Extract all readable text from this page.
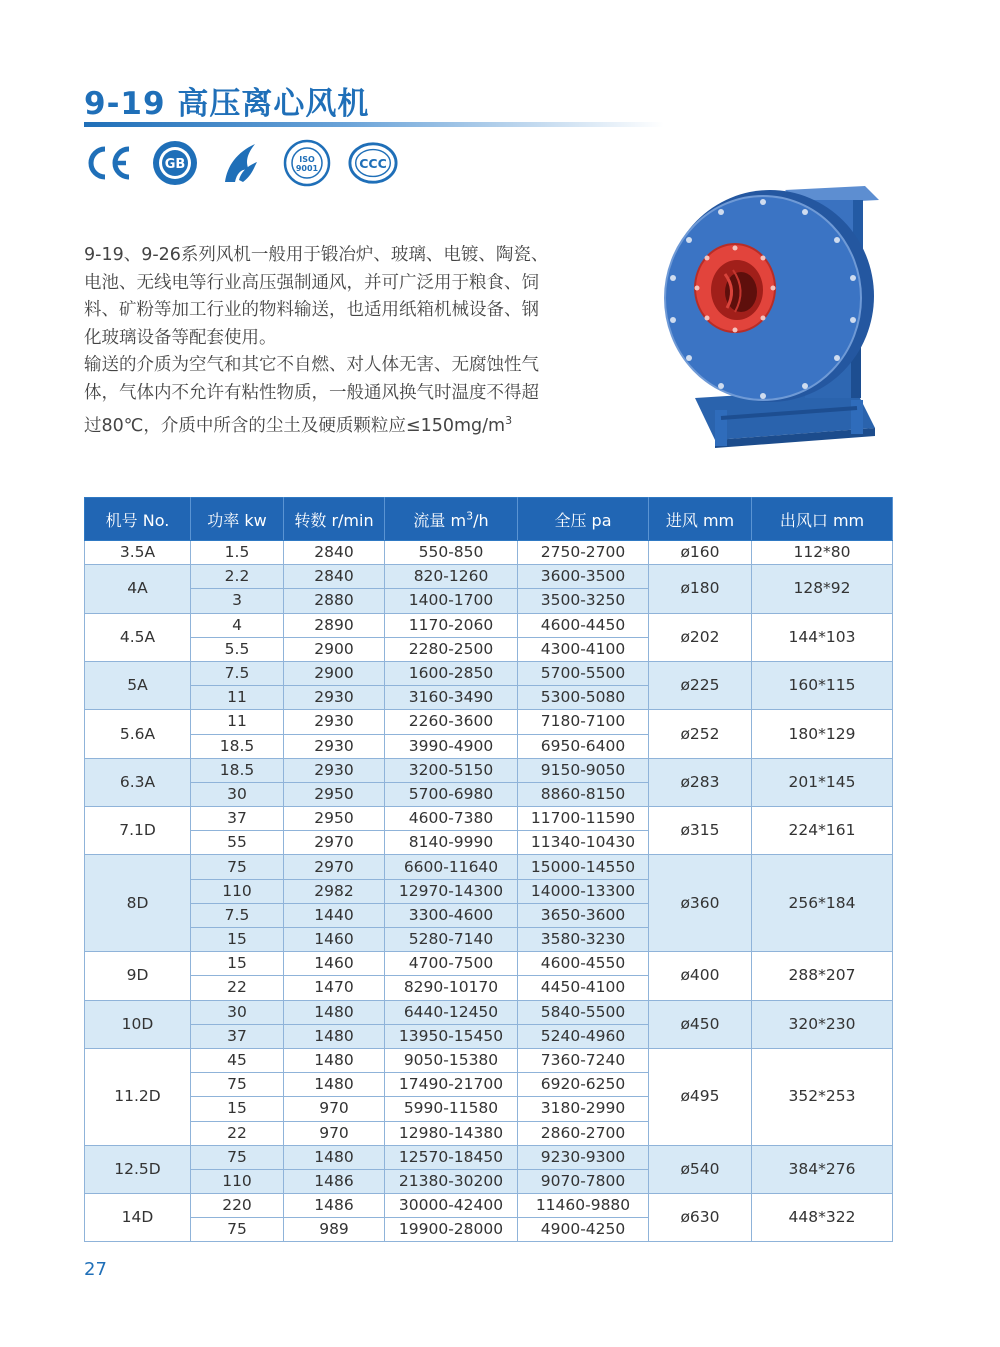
9-19 高压离心风机
GB	ISO
9001	CCC

9-19、9-26系列风机一般用于锻冶炉、玻璃、电镀、陶瓷、电池、无线电等行业高压强制通风，并可广泛用于粮食、饲料、矿粉等加工行业的物料输送，也适用纸箱机械设备、钢化玻璃设备等配套使用。

输送的介质为空气和其它不自燃、对人体无害、无腐蚀性气体，气体内不允许有粘性物质，一般通风换气时温度不得超过80℃，介质中所含的尘土及硬质颗粒应$\le 150mg/m^3$

机号 No.	功率 kw	转数 r/min	流量 $m^3/h$	全压 pa	进风 mm	出风口 mm
3.5A	1.5	2840	550-850	2750-2700	ø160	112*80
4A	2.2	2840	820-1260	3600-3500	ø180	128*92
	3	2880	1400-1700	3500-3250		
4.5A	4	2890	1170-2060	4600-4450	ø202	144*103
	5.5	2900	2280-2500	4300-4100		
5A	7.5	2900	1600-2850	5700-5500	ø225	160*115
	11	2930	3160-3490	5300-5080		
5.6A	11	2930	2260-3600	7180-7100	ø252	180*129
	18.5	2930	3990-4900	6950-6400		
6.3A	18.5	2930	3200-5150	9150-9050	ø283	201*145
	30	2950	5700-6980	8860-8150		
7.1D	37	2950	4600-7380	11700-11590	ø315	224*161
	55	2970	8140-9990	11340-10430		
8D	75	2970	6600-11640	15000-14550	ø360	256*184
	110	2982	12970-14300	14000-13300		
	7.5	1440	3300-4600	3650-3600		
	15	1460	5280-7140	3580-3230		
9D	15	1460	4700-7500	4600-4550	ø400	288*207
	22	1470	8290-10170	4450-4100		
10D	30	1480	6440-12450	5840-5500	ø450	320*230
	37	1480	13950-15450	5240-4960		
11.2D	45	1480	9050-15380	7360-7240	ø495	352*253
	75	1480	17490-21700	6920-6250		
	15	970	5990-11580	3180-2990		
	22	970	12980-14380	2860-2700		
12.5D	75	1480	12570-18450	9230-9300	ø540	384*276
	110	1486	21380-30200	9070-7800		
14D	220	1486	30000-42400	11460-9880	ø630	448*322
	75	989	19900-28000	4900-4250		
27
